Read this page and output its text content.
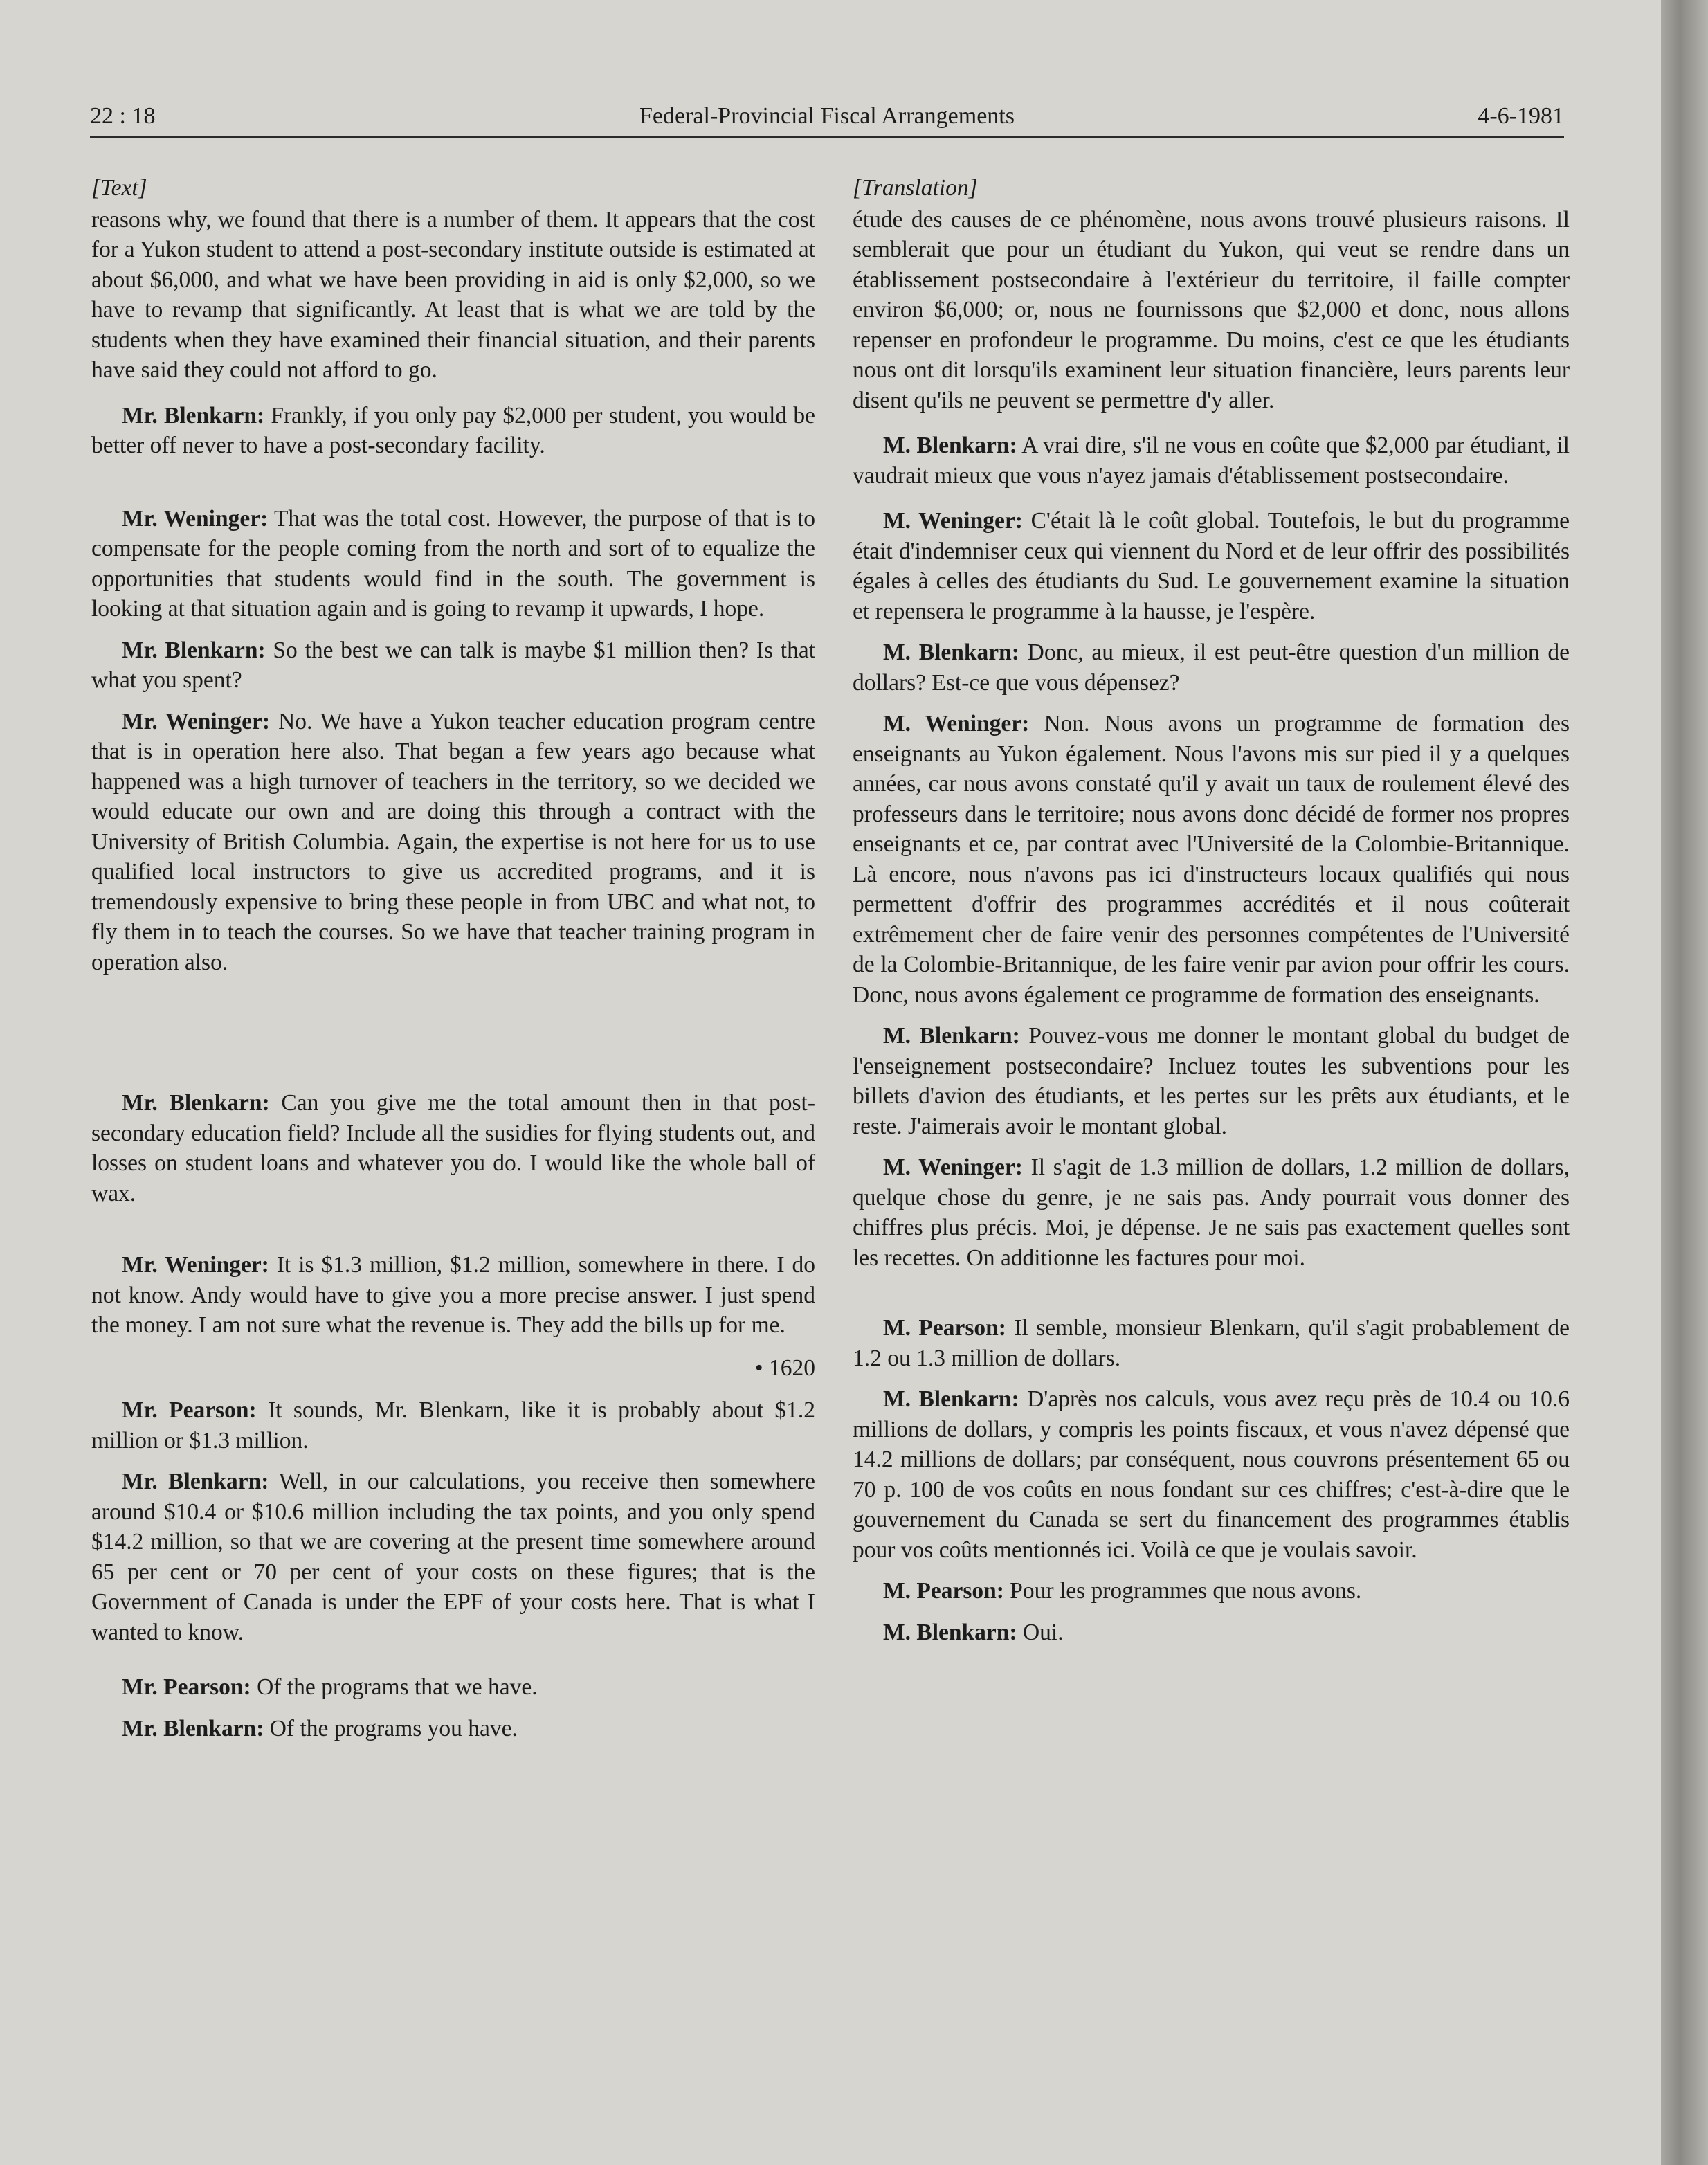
22 : 18	Federal-Provincial Fiscal Arrangements	4-6-1981

[Text]

reasons why, we found that there is a number of them. It appears that the cost for a Yukon student to attend a post-secondary institute outside is estimated at about $6,000, and what we have been providing in aid is only $2,000, so we have to revamp that significantly. At least that is what we are told by the students when they have examined their financial situation, and their parents have said they could not afford to go.

Mr. Blenkarn: Frankly, if you only pay $2,000 per student, you would be better off never to have a post-secondary facility.

Mr. Weninger: That was the total cost. However, the purpose of that is to compensate for the people coming from the north and sort of to equalize the opportunities that students would find in the south. The government is looking at that situation again and is going to revamp it upwards, I hope.

Mr. Blenkarn: So the best we can talk is maybe $1 million then? Is that what you spent?

Mr. Weninger: No. We have a Yukon teacher education program centre that is in operation here also. That began a few years ago because what happened was a high turnover of teachers in the territory, so we decided we would educate our own and are doing this through a contract with the University of British Columbia. Again, the expertise is not here for us to use qualified local instructors to give us accredited programs, and it is tremendously expensive to bring these people in from UBC and what not, to fly them in to teach the courses. So we have that teacher training program in operation also.

Mr. Blenkarn: Can you give me the total amount then in that post-secondary education field? Include all the susidies for flying students out, and losses on student loans and whatever you do. I would like the whole ball of wax.

Mr. Weninger: It is $1.3 million, $1.2 million, somewhere in there. I do not know. Andy would have to give you a more precise answer. I just spend the money. I am not sure what the revenue is. They add the bills up for me.

• 1620

Mr. Pearson: It sounds, Mr. Blenkarn, like it is probably about $1.2 million or $1.3 million.

Mr. Blenkarn: Well, in our calculations, you receive then somewhere around $10.4 or $10.6 million including the tax points, and you only spend $14.2 million, so that we are covering at the present time somewhere around 65 per cent or 70 per cent of your costs on these figures; that is the Government of Canada is under the EPF of your costs here. That is what I wanted to know.

Mr. Pearson: Of the programs that we have.

Mr. Blenkarn: Of the programs you have.

[Translation]

étude des causes de ce phénomène, nous avons trouvé plusieurs raisons. Il semblerait que pour un étudiant du Yukon, qui veut se rendre dans un établissement postsecondaire à l'extérieur du territoire, il faille compter environ $6,000; or, nous ne fournissons que $2,000 et donc, nous allons repenser en profondeur le programme. Du moins, c'est ce que les étudiants nous ont dit lorsqu'ils examinent leur situation financière, leurs parents leur disent qu'ils ne peuvent se permettre d'y aller.

M. Blenkarn: A vrai dire, s'il ne vous en coûte que $2,000 par étudiant, il vaudrait mieux que vous n'ayez jamais d'établissement postsecondaire.

M. Weninger: C'était là le coût global. Toutefois, le but du programme était d'indemniser ceux qui viennent du Nord et de leur offrir des possibilités égales à celles des étudiants du Sud. Le gouvernement examine la situation et repensera le programme à la hausse, je l'espère.

M. Blenkarn: Donc, au mieux, il est peut-être question d'un million de dollars? Est-ce que vous dépensez?

M. Weninger: Non. Nous avons un programme de formation des enseignants au Yukon également. Nous l'avons mis sur pied il y a quelques années, car nous avons constaté qu'il y avait un taux de roulement élevé des professeurs dans le territoire; nous avons donc décidé de former nos propres enseignants et ce, par contrat avec l'Université de la Colombie-Britannique. Là encore, nous n'avons pas ici d'instructeurs locaux qualifiés qui nous permettent d'offrir des programmes accrédités et il nous coûterait extrêmement cher de faire venir des personnes compétentes de l'Université de la Colombie-Britannique, de les faire venir par avion pour offrir les cours. Donc, nous avons également ce programme de formation des enseignants.

M. Blenkarn: Pouvez-vous me donner le montant global du budget de l'enseignement postsecondaire? Incluez toutes les subventions pour les billets d'avion des étudiants, et les pertes sur les prêts aux étudiants, et le reste. J'aimerais avoir le montant global.

M. Weninger: Il s'agit de 1.3 million de dollars, 1.2 million de dollars, quelque chose du genre, je ne sais pas. Andy pourrait vous donner des chiffres plus précis. Moi, je dépense. Je ne sais pas exactement quelles sont les recettes. On additionne les factures pour moi.

M. Pearson: Il semble, monsieur Blenkarn, qu'il s'agit probablement de 1.2 ou 1.3 million de dollars.

M. Blenkarn: D'après nos calculs, vous avez reçu près de 10.4 ou 10.6 millions de dollars, y compris les points fiscaux, et vous n'avez dépensé que 14.2 millions de dollars; par conséquent, nous couvrons présentement 65 ou 70 p. 100 de vos coûts en nous fondant sur ces chiffres; c'est-à-dire que le gouvernement du Canada se sert du financement des programmes établis pour vos coûts mentionnés ici. Voilà ce que je voulais savoir.

M. Pearson: Pour les programmes que nous avons.

M. Blenkarn: Oui.
